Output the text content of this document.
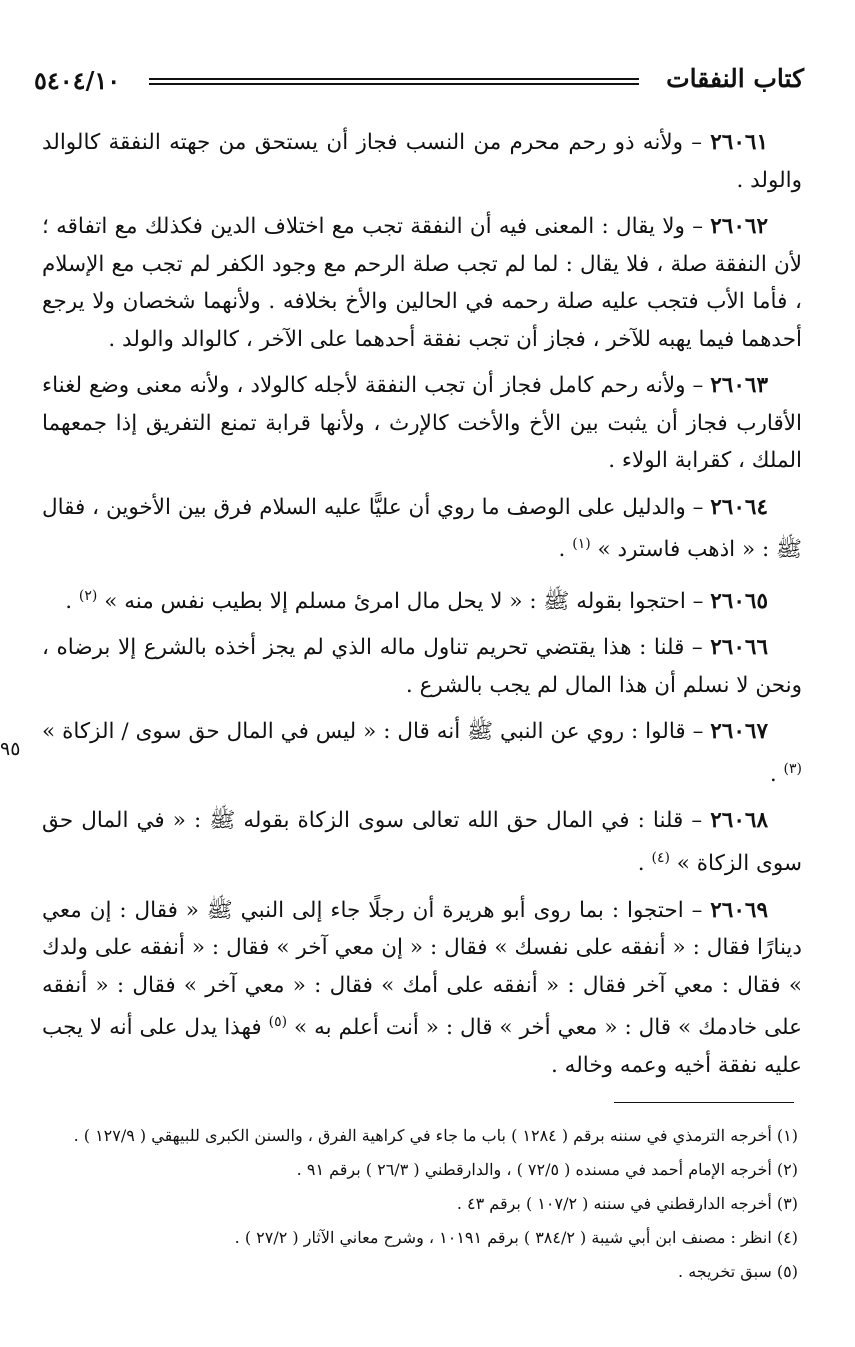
كتاب النفقات
٥٤٠٤/١٠
٩٥

٢٦٠٦١ – ولأنه ذو رحم محرم من النسب فجاز أن يستحق من جهته النفقة كالوالد والولد .

٢٦٠٦٢ – ولا يقال : المعنى فيه أن النفقة تجب مع اختلاف الدين فكذلك مع اتفاقه ؛ لأن النفقة صلة ، فلا يقال : لما لم تجب صلة الرحم مع وجود الكفر لم تجب مع الإسلام ، فأما الأب فتجب عليه صلة رحمه في الحالين والأخ بخلافه . ولأنهما شخصان ولا يرجع أحدهما فيما يهبه للآخر ، فجاز أن تجب نفقة أحدهما على الآخر ، كالوالد والولد .

٢٦٠٦٣ – ولأنه رحم كامل فجاز أن تجب النفقة لأجله كالولاد ، ولأنه معنى وضع لغناء الأقارب فجاز أن يثبت بين الأخ والأخت كالإرث ، ولأنها قرابة تمنع التفريق إذا جمعهما الملك ، كقرابة الولاء .

٢٦٠٦٤ – والدليل على الوصف ما روي أن عليًّا عليه السلام فرق بين الأخوين ، فقال ﷺ : « اذهب فاسترد » $^{(١)}$ .

٢٦٠٦٥ – احتجوا بقوله ﷺ : « لا يحل مال امرئ مسلم إلا بطيب نفس منه » $^{(٢)}$ .

٢٦٠٦٦ – قلنا : هذا يقتضي تحريم تناول ماله الذي لم يجز أخذه بالشرع إلا برضاه ، ونحن لا نسلم أن هذا المال لم يجب بالشرع .

٢٦٠٦٧ – قالوا : روي عن النبي ﷺ أنه قال : « ليس في المال حق سوى / الزكاة » $^{(٣)}$ .

٢٦٠٦٨ – قلنا : في المال حق الله تعالى سوى الزكاة بقوله ﷺ : « في المال حق سوى الزكاة » $^{(٤)}$ .

٢٦٠٦٩ – احتجوا : بما روى أبو هريرة أن رجلًا جاء إلى النبي ﷺ « فقال : إن معي دينارًا فقال : « أنفقه على نفسك » فقال : « إن معي آخر » فقال : « أنفقه على ولدك » فقال : معي آخر فقال : « أنفقه على أمك » فقال : « معي آخر » فقال : « أنفقه على خادمك » قال : « معي أخر » قال : « أنت أعلم به » $^{(٥)}$ فهذا يدل على أنه لا يجب عليه نفقة أخيه وعمه وخاله .

(١) أخرجه الترمذي في سننه برقم ( ١٢٨٤ ) باب ما جاء في كراهية الفرق ، والسنن الكبرى للبيهقي ( ١٢٧/٩ ) .

(٢) أخرجه الإمام أحمد في مسنده ( ٧٢/٥ ) ، والدارقطني ( ٢٦/٣ ) برقم ٩١ .

(٣) أخرجه الدارقطني في سننه ( ١٠٧/٢ ) برقم ٤٣ .

(٤) انظر : مصنف ابن أبي شيبة ( ٣٨٤/٢ ) برقم ١٠١٩١ ، وشرح معاني الآثار ( ٢٧/٢ ) .

(٥) سبق تخريجه .
